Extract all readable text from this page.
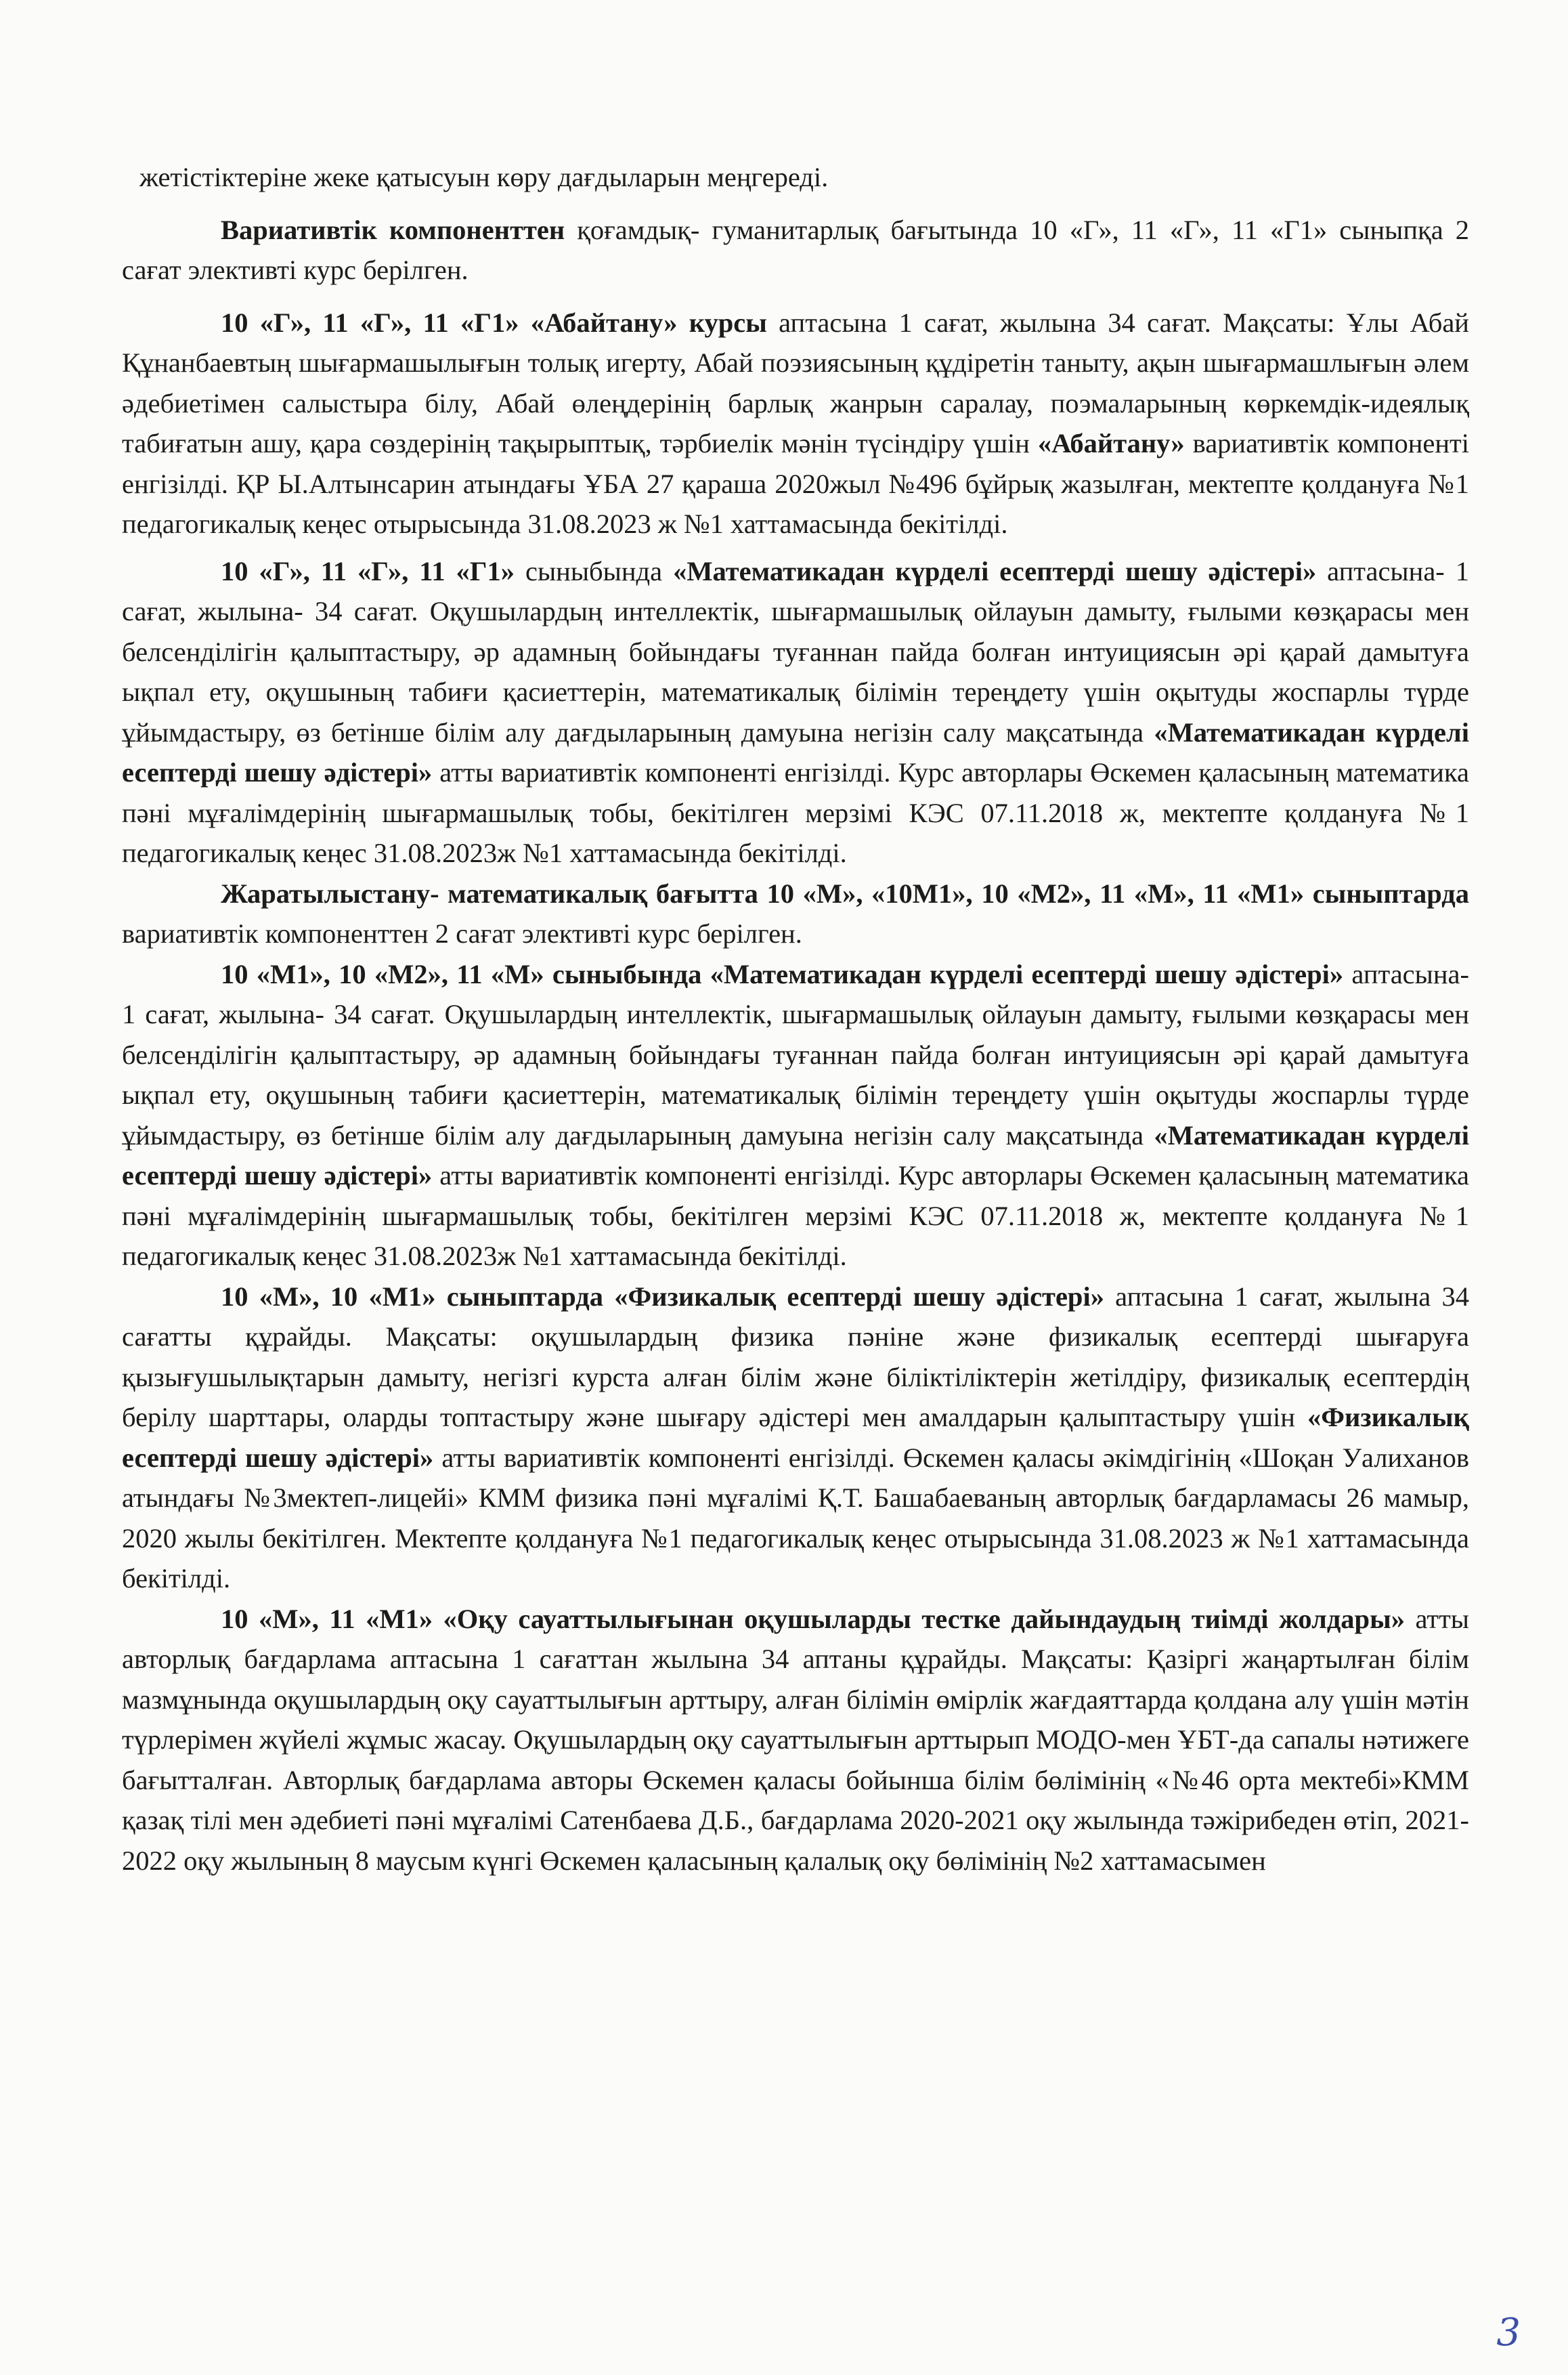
жетістіктеріне жеке қатысуын көру дағдыларын меңгереді.

Вариативтік компоненттен қоғамдық- гуманитарлық бағытында 10 «Г», 11 «Г», 11 «Г1» сыныпқа 2 сағат элективті курс берілген.

10 «Г», 11 «Г», 11 «Г1» «Абайтану» курсы аптасына 1 сағат, жылына 34 сағат. Мақсаты: Ұлы Абай Құнанбаевтың шығармашылығын толық игерту, Абай поэзиясының құдіретін таныту, ақын шығармашлығын әлем әдебиетімен салыстыра білу, Абай өлеңдерінің барлық жанрын саралау, поэмаларының көркемдік-идеялық табиғатын ашу, қара сөздерінің тақырыптық, тәрбиелік мәнін түсіндіру үшін «Абайтану» вариативтік компоненті енгізілді. ҚР Ы.Алтынсарин атындағы ҰБА 27 қараша 2020жыл №496 бұйрық жазылған, мектепте қолдануға №1 педагогикалық кеңес отырысында 31.08.2023 ж №1 хаттамасында бекітілді.

10 «Г», 11 «Г», 11 «Г1» сыныбында «Математикадан күрделі есептерді шешу әдістері» аптасына- 1 сағат, жылына- 34 сағат. Оқушылардың интеллектік, шығармашылық ойлауын дамыту, ғылыми көзқарасы мен белсенділігін қалыптастыру, әр адамның бойындағы туғаннан пайда болған интуициясын әрі қарай дамытуға ықпал ету, оқушының табиғи қасиеттерін, математикалық білімін тереңдету үшін оқытуды жоспарлы түрде ұйымдастыру, өз бетінше білім алу дағдыларының дамуына негізін салу мақсатында «Математикадан күрделі есептерді шешу әдістері» атты вариативтік компоненті енгізілді. Курс авторлары Өскемен қаласының математика пәні мұғалімдерінің шығармашылық тобы, бекітілген мерзімі КЭС 07.11.2018 ж, мектепте қолдануға №1 педагогикалық кеңес 31.08.2023ж №1 хаттамасында бекітілді.

Жаратылыстану- математикалық бағытта 10 «М», «10М1», 10 «М2», 11 «М», 11 «М1» сыныптарда вариативтік компоненттен 2 сағат элективті курс берілген.

10 «М1», 10 «М2», 11 «М» сыныбында «Математикадан күрделі есептерді шешу әдістері» аптасына- 1 сағат, жылына- 34 сағат. Оқушылардың интеллектік, шығармашылық ойлауын дамыту, ғылыми көзқарасы мен белсенділігін қалыптастыру, әр адамның бойындағы туғаннан пайда болған интуициясын әрі қарай дамытуға ықпал ету, оқушының табиғи қасиеттерін, математикалық білімін тереңдету үшін оқытуды жоспарлы түрде ұйымдастыру, өз бетінше білім алу дағдыларының дамуына негізін салу мақсатында «Математикадан күрделі есептерді шешу әдістері» атты вариативтік компоненті енгізілді. Курс авторлары Өскемен қаласының математика пәні мұғалімдерінің шығармашылық тобы, бекітілген мерзімі КЭС 07.11.2018 ж, мектепте қолдануға №1 педагогикалық кеңес 31.08.2023ж №1 хаттамасында бекітілді.

10 «М», 10 «М1» сыныптарда «Физикалық есептерді шешу әдістері» аптасына 1 сағат, жылына 34 сағатты құрайды. Мақсаты: оқушылардың физика пәніне және физикалық есептерді шығаруға қызығушылықтарын дамыту, негізгі курста алған білім және біліктіліктерін жетілдіру, физикалық есептердің берілу шарттары, оларды топтастыру және шығару әдістері мен амалдарын қалыптастыру үшін «Физикалық есептерді шешу әдістері» атты вариативтік компоненті енгізілді. Өскемен қаласы әкімдігінің «Шоқан Уалиханов атындағы №3мектеп-лицейі» КММ физика пәні мұғалімі Қ.Т. Башабаеваның авторлық бағдарламасы 26 мамыр, 2020 жылы бекітілген. Мектепте қолдануға №1 педагогикалық кеңес отырысында 31.08.2023 ж №1 хаттамасында бекітілді.

10 «М», 11 «М1» «Оқу сауаттылығынан оқушыларды тестке дайындаудың тиімді жолдары» атты авторлық бағдарлама аптасына 1 сағаттан жылына 34 аптаны құрайды. Мақсаты: Қазіргі жаңартылған білім мазмұнында оқушылардың оқу сауаттылығын арттыру, алған білімін өмірлік жағдаяттарда қолдана алу үшін мәтін түрлерімен жүйелі жұмыс жасау. Оқушылардың оқу сауаттылығын арттырып МОДО-мен ҰБТ-да сапалы нәтижеге бағытталған. Авторлық бағдарлама авторы Өскемен қаласы бойынша білім бөлімінің «№46 орта мектебі»КММ қазақ тілі мен әдебиеті пәні мұғалімі Сатенбаева Д.Б., бағдарлама 2020-2021 оқу жылында тәжірибеден өтіп, 2021-2022 оқу жылының 8 маусым күнгі Өскемен қаласының қалалық оқу бөлімінің №2 хаттамасымен

3
